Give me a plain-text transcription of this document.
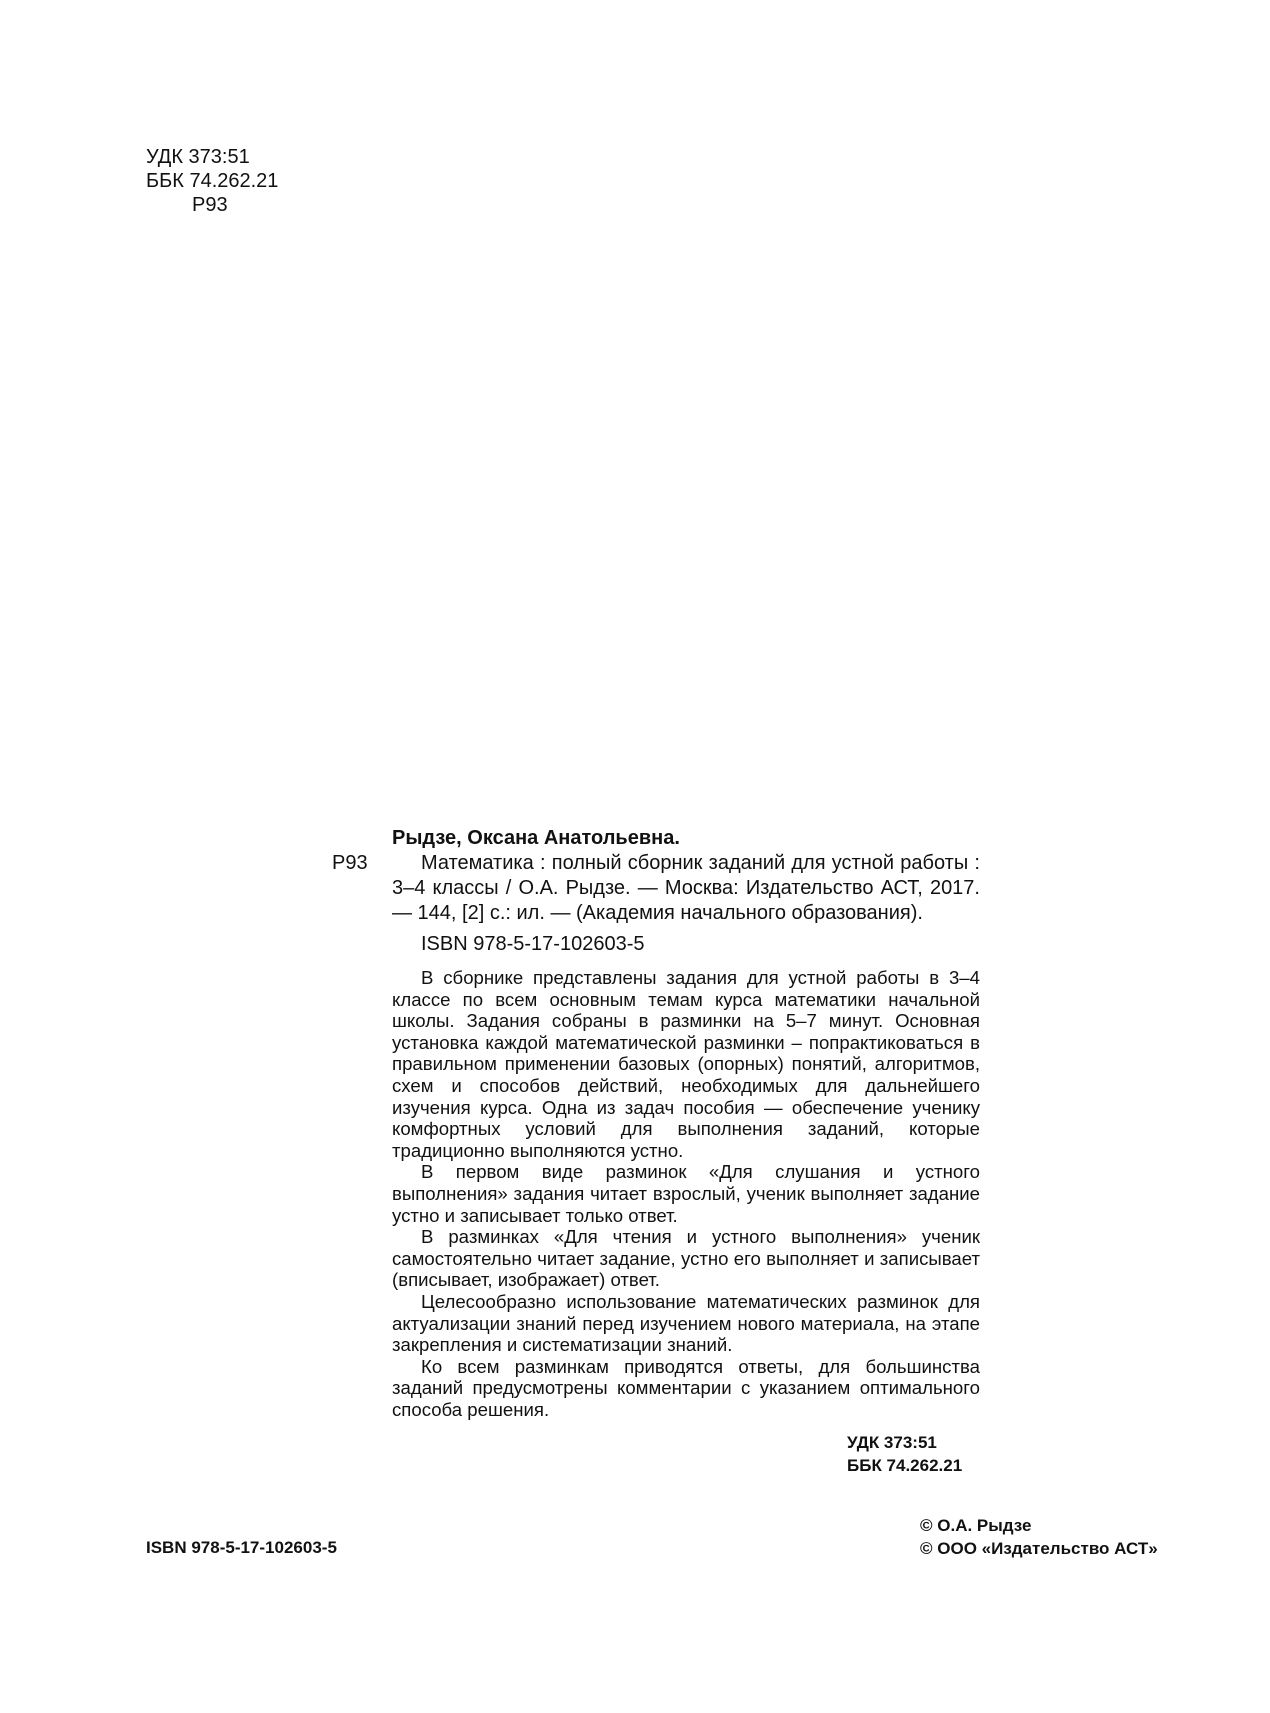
УДК 373:51
ББК 74.262.21
Р93
Р93

Рыдзе, Оксана Анатольевна.

Математика : полный сборник заданий для устной работы : 3–4 классы / О.А. Рыдзе. — Москва: Издательство АСТ, 2017. — 144, [2] с.: ил. — (Академия начального образования).

ISBN 978-5-17-102603-5

В сборнике представлены задания для устной работы в 3–4 классе по всем основным темам курса математики начальной школы. Задания собраны в разминки на 5–7 минут. Основная установка каждой математической разминки – попрактиковаться в правильном применении базовых (опорных) понятий, алгоритмов, схем и способов действий, необходимых для дальнейшего изучения курса. Одна из задач пособия — обеспечение ученику комфортных условий для выполнения заданий, которые традиционно выполняются устно.

В первом виде разминок «Для слушания и устного выполнения» задания читает взрослый, ученик выполняет задание устно и записывает только ответ.

В разминках «Для чтения и устного выполнения» ученик самостоятельно читает задание, устно его выполняет и записывает (вписывает, изображает) ответ.

Целесообразно использование математических разминок для актуализации знаний перед изучением нового материала, на этапе закрепления и систематизации знаний.

Ко всем разминкам приводятся ответы, для большинства заданий предусмотрены комментарии с указанием оптимального способа решения.

УДК 373:51
ББК 74.262.21
ISBN 978-5-17-102603-5
© О.А. Рыдзе
© ООО «Издательство АСТ»
